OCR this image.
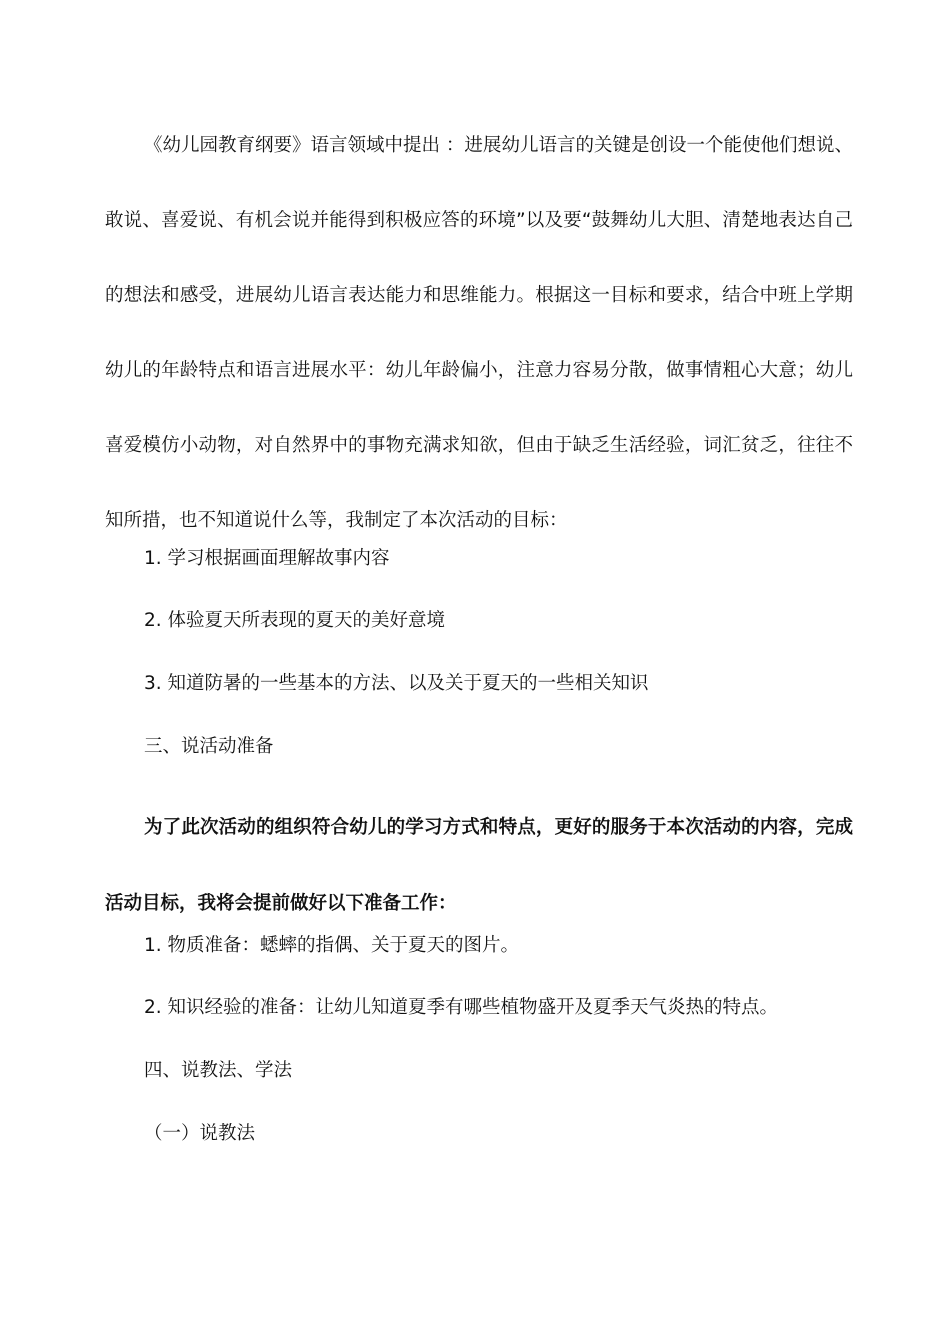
《幼儿园教育纲要》语言领域中提出 ：进展幼儿语言的关键是创设一个能使他们想说、敢说、喜爱说、有机会说并能得到积极应答的环境”以及要“鼓舞幼儿大胆、清楚地表达自己的想法和感受，进展幼儿语言表达能力和思维能力。根据这一目标和要求，结合中班上学期幼儿的年龄特点和语言进展水平：幼儿年龄偏小，注意力容易分散，做事情粗心大意；幼儿喜爱模仿小动物，对自然界中的事物充满求知欲，但由于缺乏生活经验，词汇贫乏，往往不知所措，也不知道说什么等，我制定了本次活动的目标：

1. 学习根据画面理解故事内容

2. 体验夏天所表现的夏天的美好意境

3. 知道防暑的一些基本的方法、以及关于夏天的一些相关知识

三、说活动准备

为了此次活动的组织符合幼儿的学习方式和特点，更好的服务于本次活动的内容，完成活动目标，我将会提前做好以下准备工作：

1. 物质准备：蟋蟀的指偶、关于夏天的图片。

2. 知识经验的准备：让幼儿知道夏季有哪些植物盛开及夏季天气炎热的特点。

四、说教法、学法

（一）说教法
